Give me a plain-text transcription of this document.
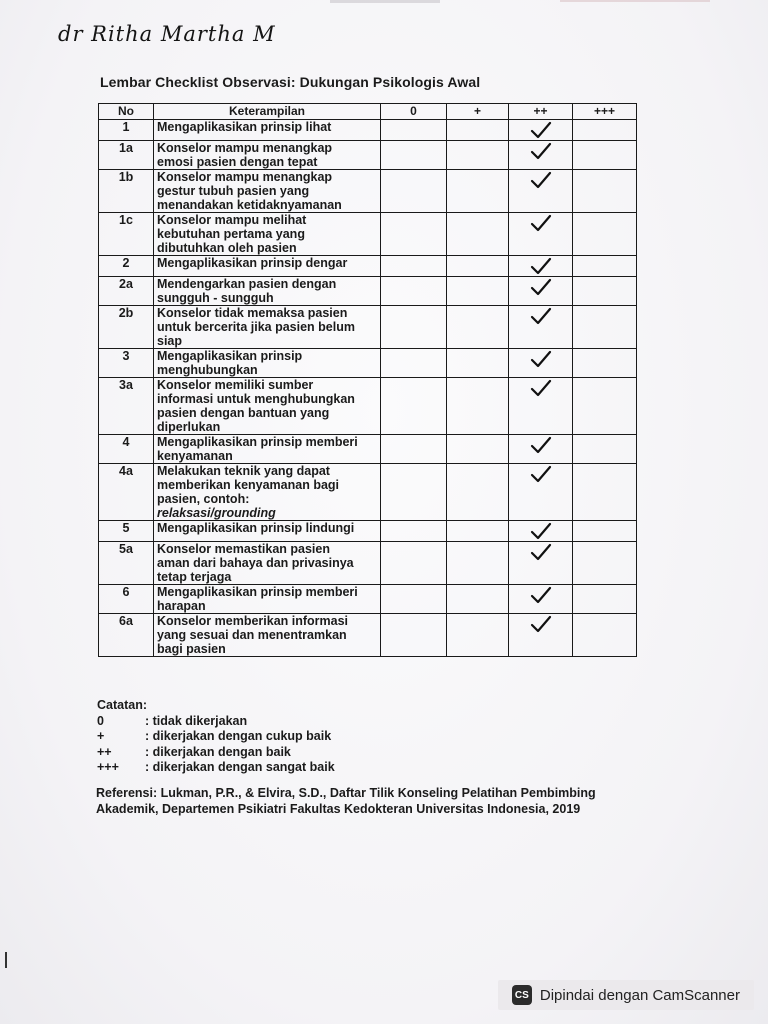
dr Ritha Martha M
Lembar Checklist Observasi: Dukungan Psikologis Awal
No	Keterampilan	0	+	++	+++
1	Mengaplikasikan prinsip lihat

1a	Konselor mampu menangkap
emosi pasien dengan tepat

1b	Konselor mampu menangkap
gestur tubuh pasien yang
menandakan ketidaknyamanan

1c	Konselor mampu melihat
kebutuhan pertama yang
dibutuhkan oleh pasien

2	Mengaplikasikan prinsip dengar

2a	Mendengarkan pasien dengan
sungguh - sungguh

2b	Konselor tidak memaksa pasien
untuk bercerita jika pasien belum
siap

3	Mengaplikasikan prinsip
menghubungkan

3a	Konselor memiliki sumber
informasi untuk menghubungkan
pasien dengan bantuan yang
diperlukan

4	Mengaplikasikan prinsip memberi
kenyamanan

4a	Melakukan teknik yang dapat
memberikan kenyamanan bagi
pasien, contoh:
relaksasi/grounding

5	Mengaplikasikan prinsip lindungi

5a	Konselor memastikan pasien
aman dari bahaya dan privasinya
tetap terjaga

6	Mengaplikasikan prinsip memberi
harapan

6a	Konselor memberikan informasi
yang sesuai dan menentramkan
bagi pasien

Catatan:
0	: tidak dikerjakan
+	: dikerjakan dengan cukup baik
++	: dikerjakan dengan baik
+++	: dikerjakan dengan sangat baik
Referensi: Lukman, P.R., & Elvira, S.D., Daftar Tilik Konseling Pelatihan Pembimbing Akademik, Departemen Psikiatri Fakultas Kedokteran Universitas Indonesia, 2019
CS Dipindai dengan CamScanner
